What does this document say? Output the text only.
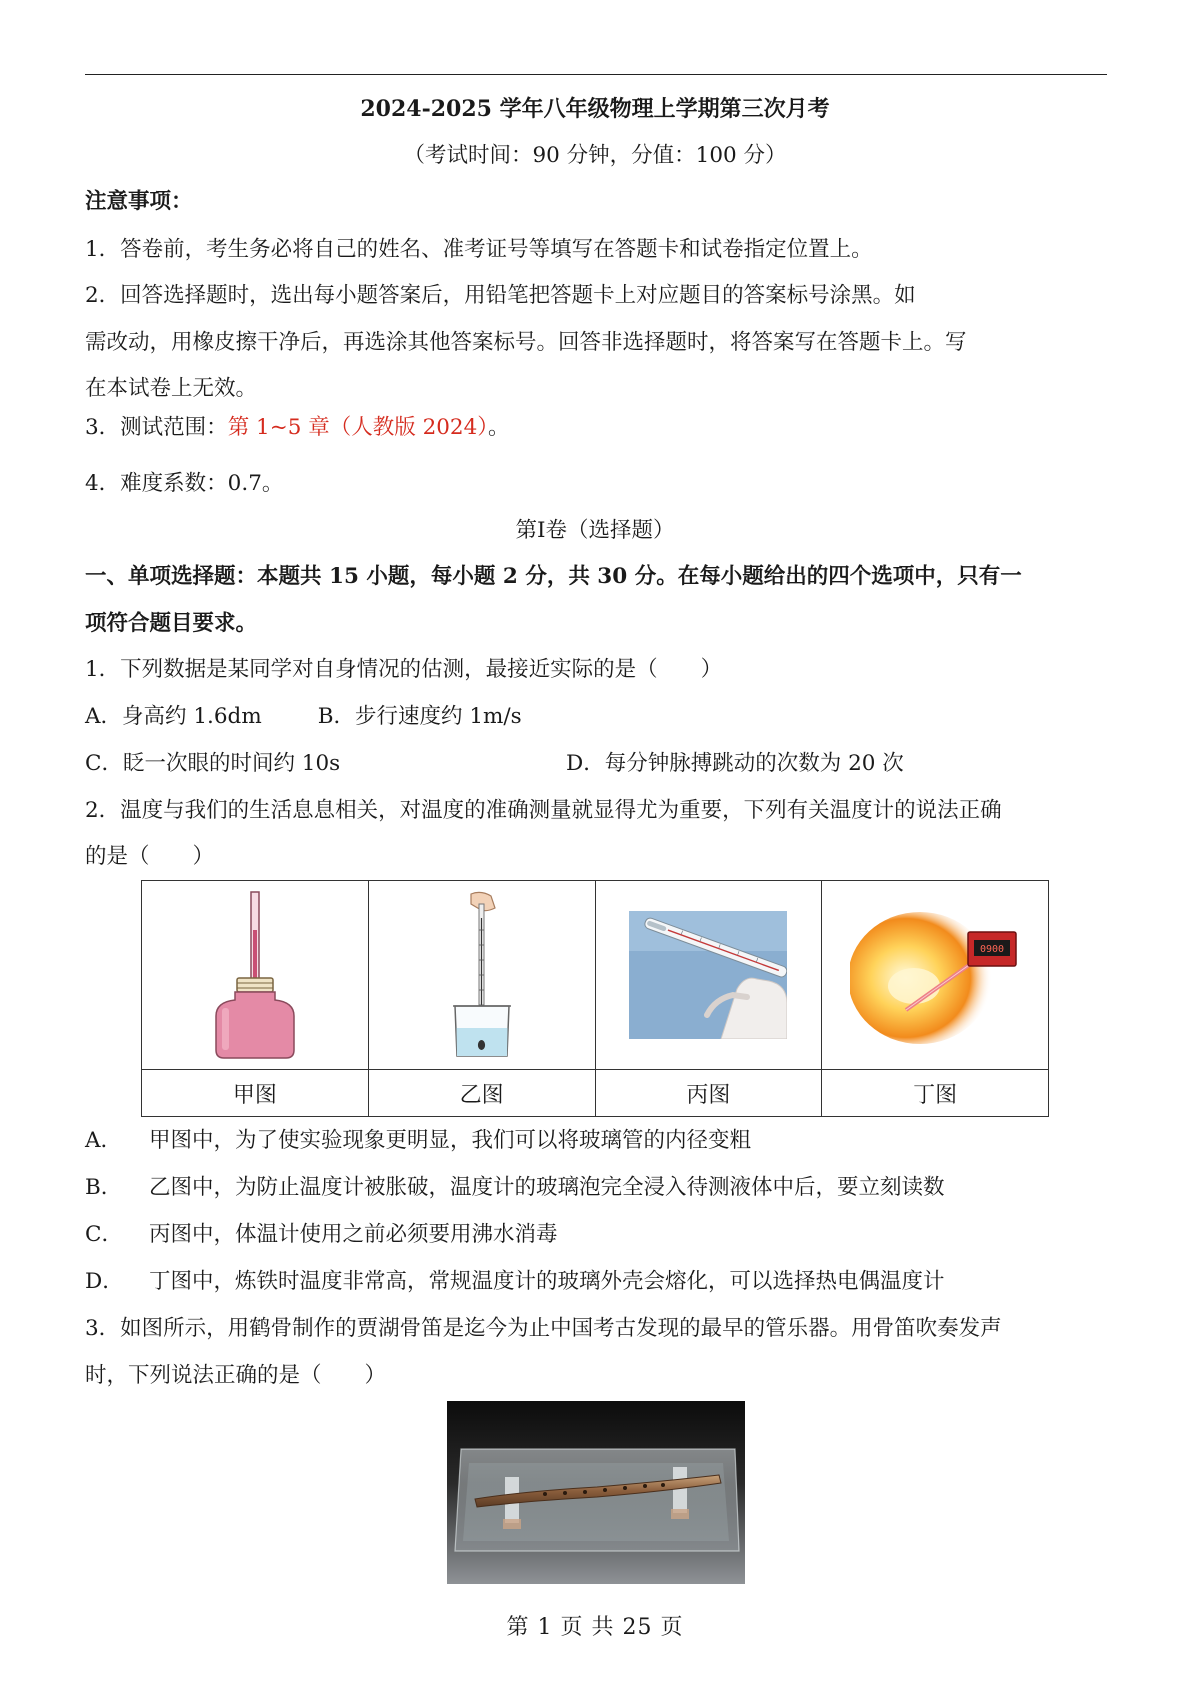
2024-2025 学年八年级物理上学期第三次月考
（考试时间：90 分钟，分值：100 分）
注意事项：
1．答卷前，考生务必将自己的姓名、准考证号等填写在答题卡和试卷指定位置上。
2．回答选择题时，选出每小题答案后，用铅笔把答题卡上对应题目的答案标号涂黑。如
需改动，用橡皮擦干净后，再选涂其他答案标号。回答非选择题时，将答案写在答题卡上。写
在本试卷上无效。
3．测试范围：第 1~5 章（人教版 2024）。
4．难度系数：0.7。
第Ⅰ卷（选择题）
一、单项选择题：本题共 15 小题，每小题 2 分，共 30 分。在每小题给出的四个选项中，只有一
项符合题目要求。
1．下列数据是某同学对自身情况的估测，最接近实际的是（　　）
A．身高约 1.6dm	B．步行速度约 1m/s
C．眨一次眼的时间约 10s	D．每分钟脉搏跳动的次数为 20 次
2．温度与我们的生活息息相关，对温度的准确测量就显得尤为重要，下列有关温度计的说法正确
的是（　　）

0900

甲图	乙图	丙图	丁图
A． 甲图中，为了使实验现象更明显，我们可以将玻璃管的内径变粗
B． 乙图中，为防止温度计被胀破，温度计的玻璃泡完全浸入待测液体中后，要立刻读数
C． 丙图中，体温计使用之前必须要用沸水消毒
D． 丁图中，炼铁时温度非常高，常规温度计的玻璃外壳会熔化，可以选择热电偶温度计
3．如图所示，用鹤骨制作的贾湖骨笛是迄今为止中国考古发现的最早的管乐器。用骨笛吹奏发声
时，下列说法正确的是（　　）
第 1 页 共 25 页
